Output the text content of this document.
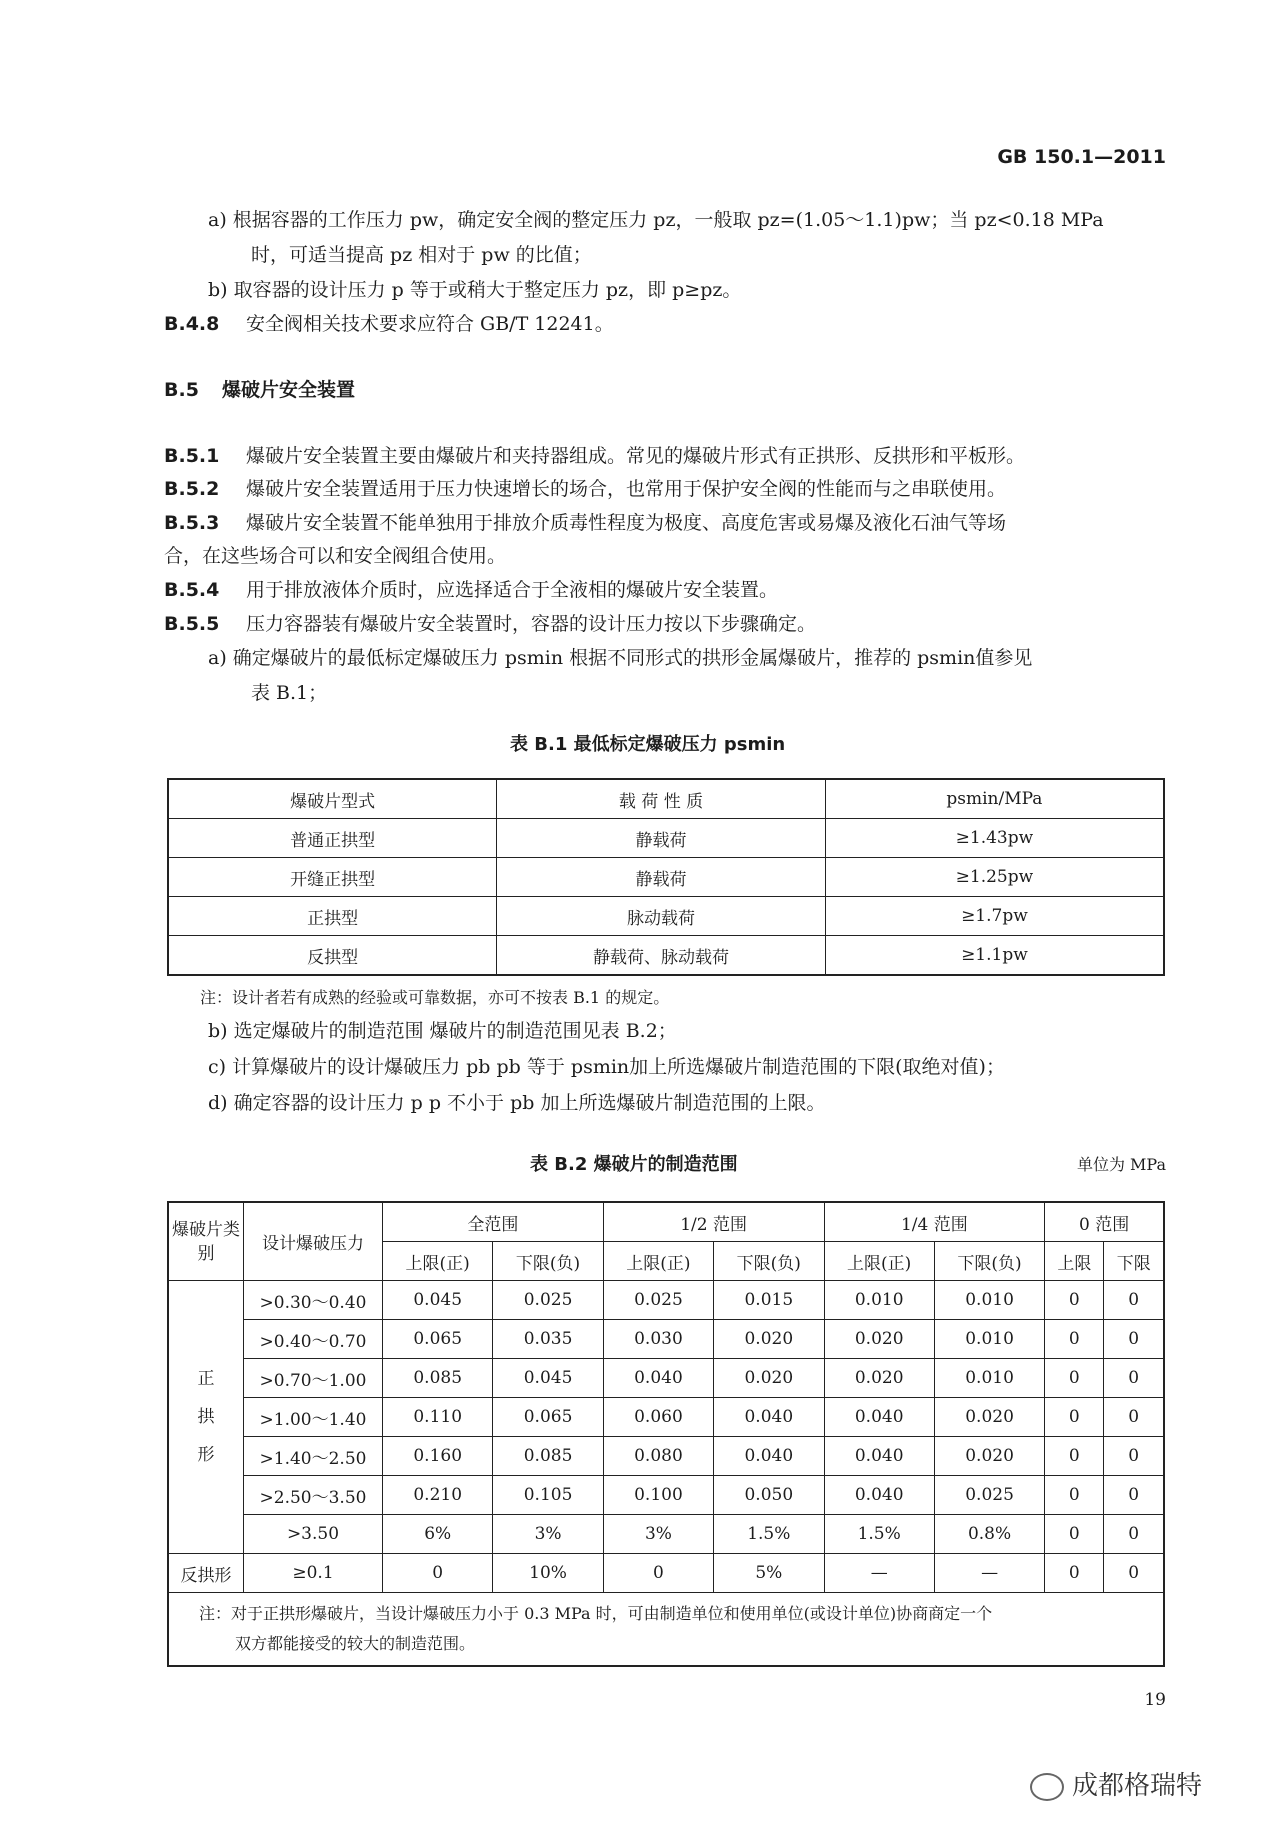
GB 150.1—2011
a) 根据容器的工作压力 pw，确定安全阀的整定压力 pz，一般取 pz=(1.05～1.1)pw；当 pz<0.18 MPa
时，可适当提高 pz 相对于 pw 的比值；
b) 取容器的设计压力 p 等于或稍大于整定压力 pz，即 p≥pz。
B.4.8 安全阀相关技术要求应符合 GB/T 12241。
B.5 爆破片安全装置
B.5.1 爆破片安全装置主要由爆破片和夹持器组成。常见的爆破片形式有正拱形、反拱形和平板形。
B.5.2 爆破片安全装置适用于压力快速增长的场合，也常用于保护安全阀的性能而与之串联使用。
B.5.3 爆破片安全装置不能单独用于排放介质毒性程度为极度、高度危害或易爆及液化石油气等场
合，在这些场合可以和安全阀组合使用。
B.5.4 用于排放液体介质时，应选择适合于全液相的爆破片安全装置。
B.5.5 压力容器装有爆破片安全装置时，容器的设计压力按以下步骤确定。
a) 确定爆破片的最低标定爆破压力 psmin 根据不同形式的拱形金属爆破片，推荐的 psmin值参见
表 B.1；
表 B.1 最低标定爆破压力 psmin
爆破片型式	载 荷 性 质	psmin/MPa
普通正拱型	静载荷	≥1.43pw
开缝正拱型	静载荷	≥1.25pw
正拱型	脉动载荷	≥1.7pw
反拱型	静载荷、脉动载荷	≥1.1pw
注：设计者若有成熟的经验或可靠数据，亦可不按表 B.1 的规定。
b) 选定爆破片的制造范围 爆破片的制造范围见表 B.2；
c) 计算爆破片的设计爆破压力 pb pb 等于 psmin加上所选爆破片制造范围的下限(取绝对值)；
d) 确定容器的设计压力 p p 不小于 pb 加上所选爆破片制造范围的上限。
表 B.2 爆破片的制造范围	单位为 MPa
爆破片类别	设计爆破压力	全范围		1/2 范围		1/4 范围		0 范围	
		上限(正)	下限(负)	上限(正)	下限(负)	上限(正)	下限(负)	上限	下限

正拱形	>0.30～0.40	0.045	0.025	0.025	0.015	0.010	0.010	0	0
	>0.40～0.70	0.065	0.035	0.030	0.020	0.020	0.010	0	0
	>0.70～1.00	0.085	0.045	0.040	0.020	0.020	0.010	0	0
	>1.00～1.40	0.110	0.065	0.060	0.040	0.040	0.020	0	0
	>1.40～2.50	0.160	0.085	0.080	0.040	0.040	0.020	0	0
	>2.50～3.50	0.210	0.105	0.100	0.050	0.040	0.025	0	0
	>3.50	6%	3%	3%	1.5%	1.5%	0.8%	0	0
反拱形	≥0.1	0	10%	0	5%	—	—	0	0

注：对于正拱形爆破片，当设计爆破压力小于 0.3 MPa 时，可由制造单位和使用单位(或设计单位)协商商定一个
双方都能接受的较大的制造范围。									
19
成都格瑞特
